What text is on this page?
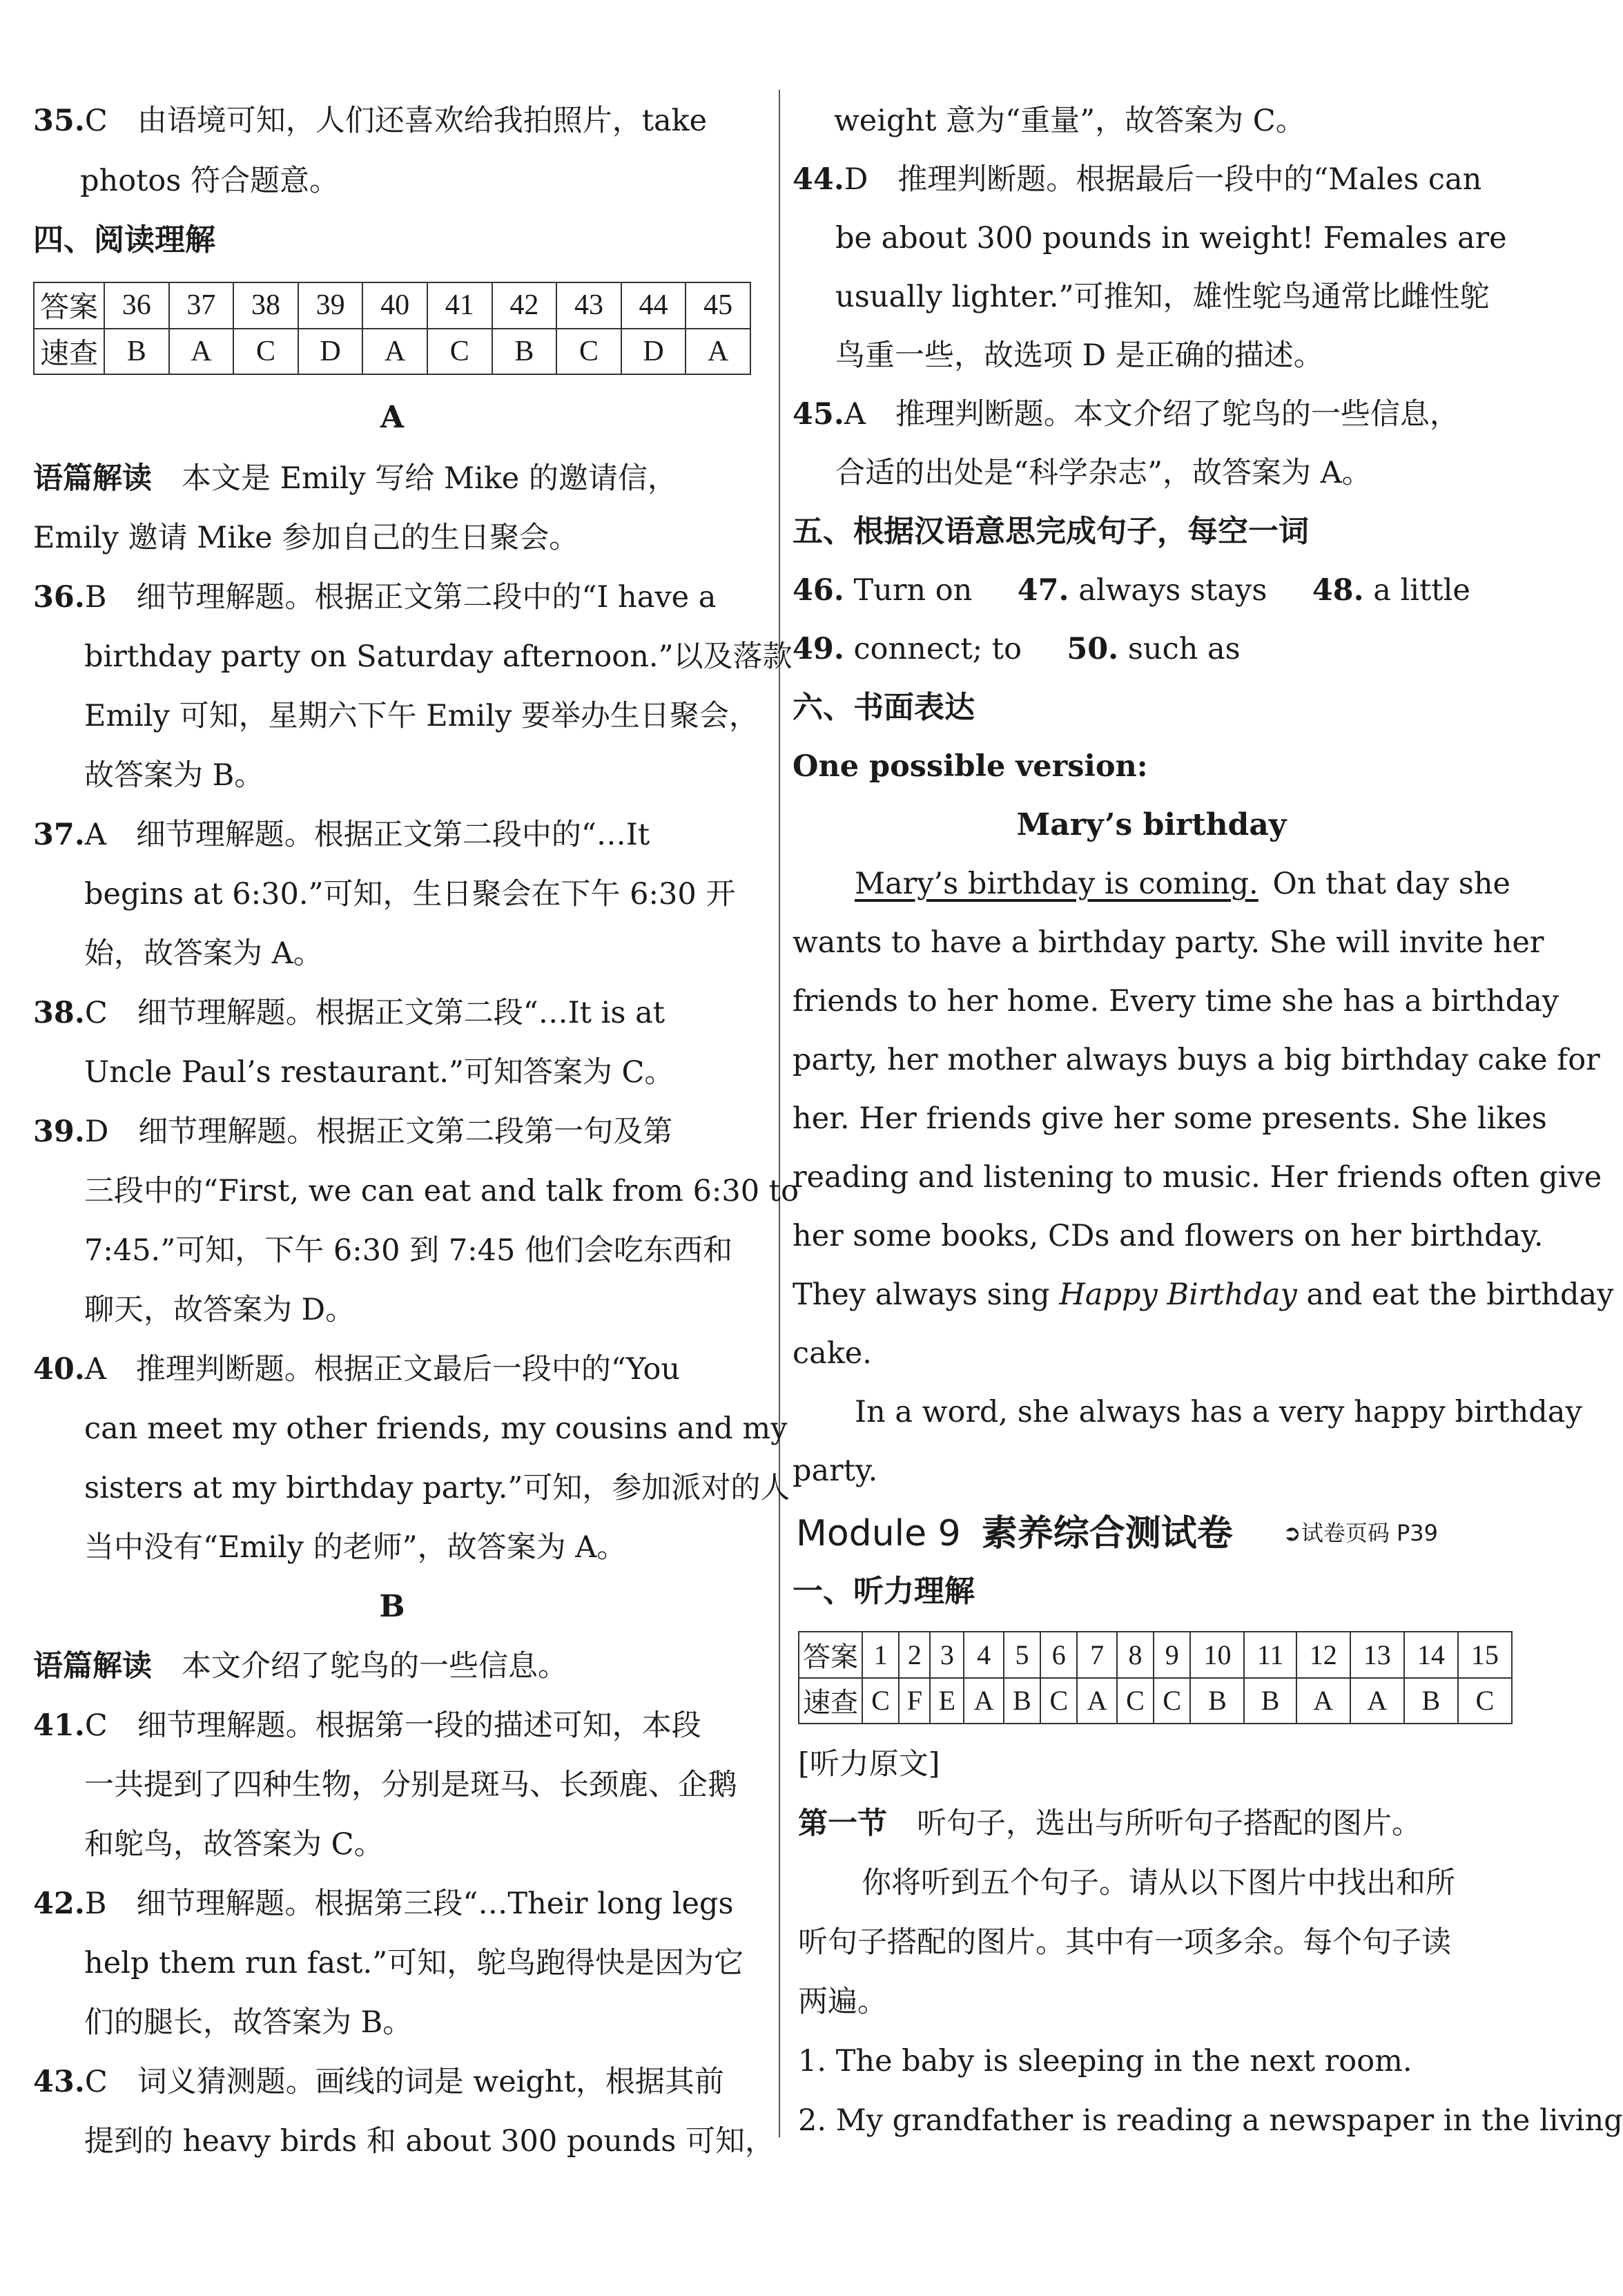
35.C　由语境可知，人们还喜欢给我拍照片，take
photos 符合题意。
四、阅读理解
答案	36	37	38	39	40	41	42	43	44	45
速查	B	A	C	D	A	C	B	C	D	A
A
语篇解读　 本文是 Emily 写给 Mike 的邀请信，
Emily 邀请 Mike 参加自己的生日聚会。
36.B　细节理解题。根据正文第二段中的“I have a
birthday party on Saturday afternoon.”以及落款
Emily 可知，星期六下午 Emily 要举办生日聚会，
故答案为 B。
37.A　细节理解题。根据正文第二段中的“…It
begins at 6:30.”可知，生日聚会在下午 6:30 开
始，故答案为 A。
38.C　细节理解题。根据正文第二段“…It is at
Uncle Paul’s restaurant.”可知答案为 C。
39.D　细节理解题。根据正文第二段第一句及第
三段中的“First, we can eat and talk from 6:30 to
7:45.”可知，下午 6:30 到 7:45 他们会吃东西和
聊天，故答案为 D。
40.A　推理判断题。根据正文最后一段中的“You
can meet my other friends, my cousins and my
sisters at my birthday party.”可知，参加派对的人
当中没有“Emily 的老师”，故答案为 A。
B
语篇解读　 本文介绍了鸵鸟的一些信息。
41.C　细节理解题。根据第一段的描述可知，本段
一共提到了四种生物，分别是斑马、长颈鹿、企鹅
和鸵鸟，故答案为 C。
42.B　细节理解题。根据第三段“…Their long legs
help them run fast.”可知，鸵鸟跑得快是因为它
们的腿长，故答案为 B。
43.C　词义猜测题。画线的词是 weight，根据其前
提到的 heavy birds 和 about 300 pounds 可知，
weight 意为“重量”，故答案为 C。
44.D　推理判断题。根据最后一段中的“Males can
be about 300 pounds in weight! Females are
usually lighter.”可推知，雄性鸵鸟通常比雌性鸵
鸟重一些，故选项 D 是正确的描述。
45.A　推理判断题。本文介绍了鸵鸟的一些信息，
合适的出处是“科学杂志”，故答案为 A。
五、根据汉语意思完成句子，每空一词
46. Turn on 47. always stays 48. a little
49. connect; to 50. such as
六、书面表达
One possible version:
Mary’s birthday
Mary’s birthday is coming. On that day she
wants to have a birthday party. She will invite her
friends to her home. Every time she has a birthday
party, her mother always buys a big birthday cake for
her. Her friends give her some presents. She likes
reading and listening to music. Her friends often give
her some books, CDs and flowers on her birthday.
They always sing Happy Birthday and eat the birthday
cake.
In a word, she always has a very happy birthday
party.
Module 9 素养综合测试卷 ➲试卷页码 P39
一、听力理解
答案	1	2	3	4	5	6	7	8	9	10	11	12	13	14	15
速查	C	F	E	A	B	C	A	C	C	B	B	A	A	B	C
[听力原文]
第一节　 听句子，选出与所听句子搭配的图片。
你将听到五个句子。请从以下图片中找出和所
听句子搭配的图片。其中有一项多余。每个句子读
两遍。
1. The baby is sleeping in the next room.
2. My grandfather is reading a newspaper in the living
